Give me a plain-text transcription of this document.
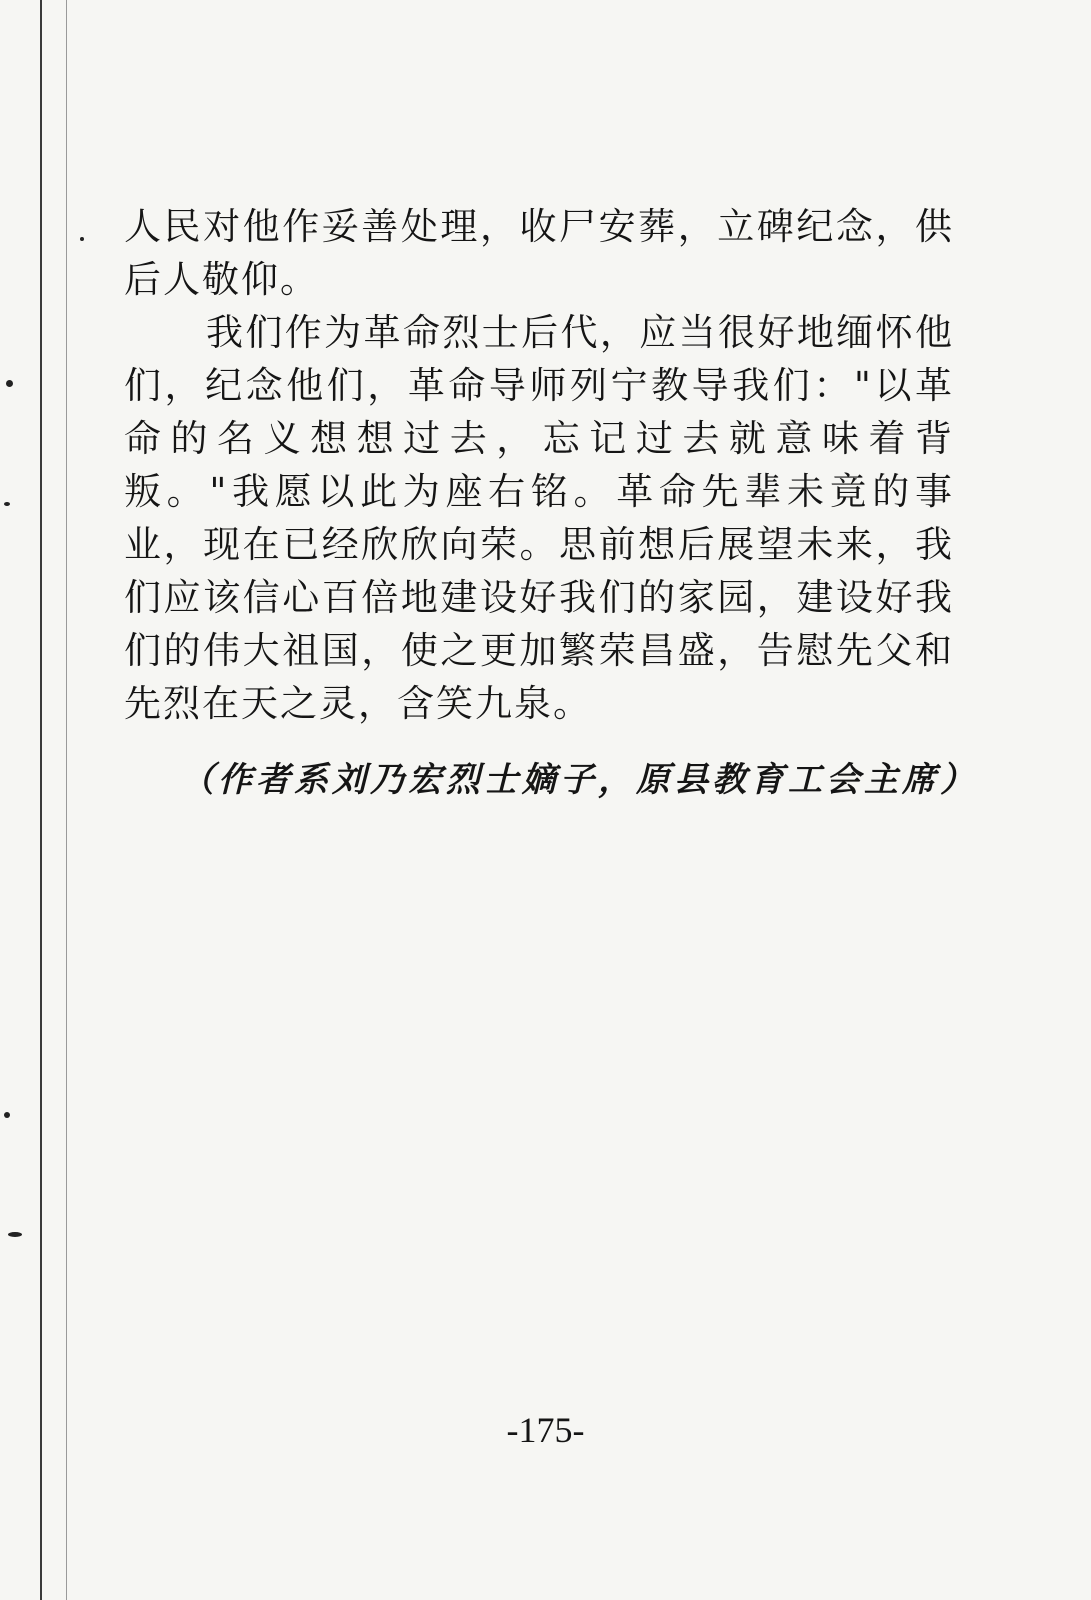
人民对他作妥善处理，收尸安葬，立碑纪念，供后人敬仰。

我们作为革命烈士后代，应当很好地缅怀他们，纪念他们，革命导师列宁教导我们："以革命的名义想想过去，忘记过去就意味着背叛。"我愿以此为座右铭。革命先辈未竟的事业，现在已经欣欣向荣。思前想后展望未来，我们应该信心百倍地建设好我们的家园，建设好我们的伟大祖国，使之更加繁荣昌盛，告慰先父和先烈在天之灵，含笑九泉。

（作者系刘乃宏烈士嫡子，原县教育工会主席）

-175-
